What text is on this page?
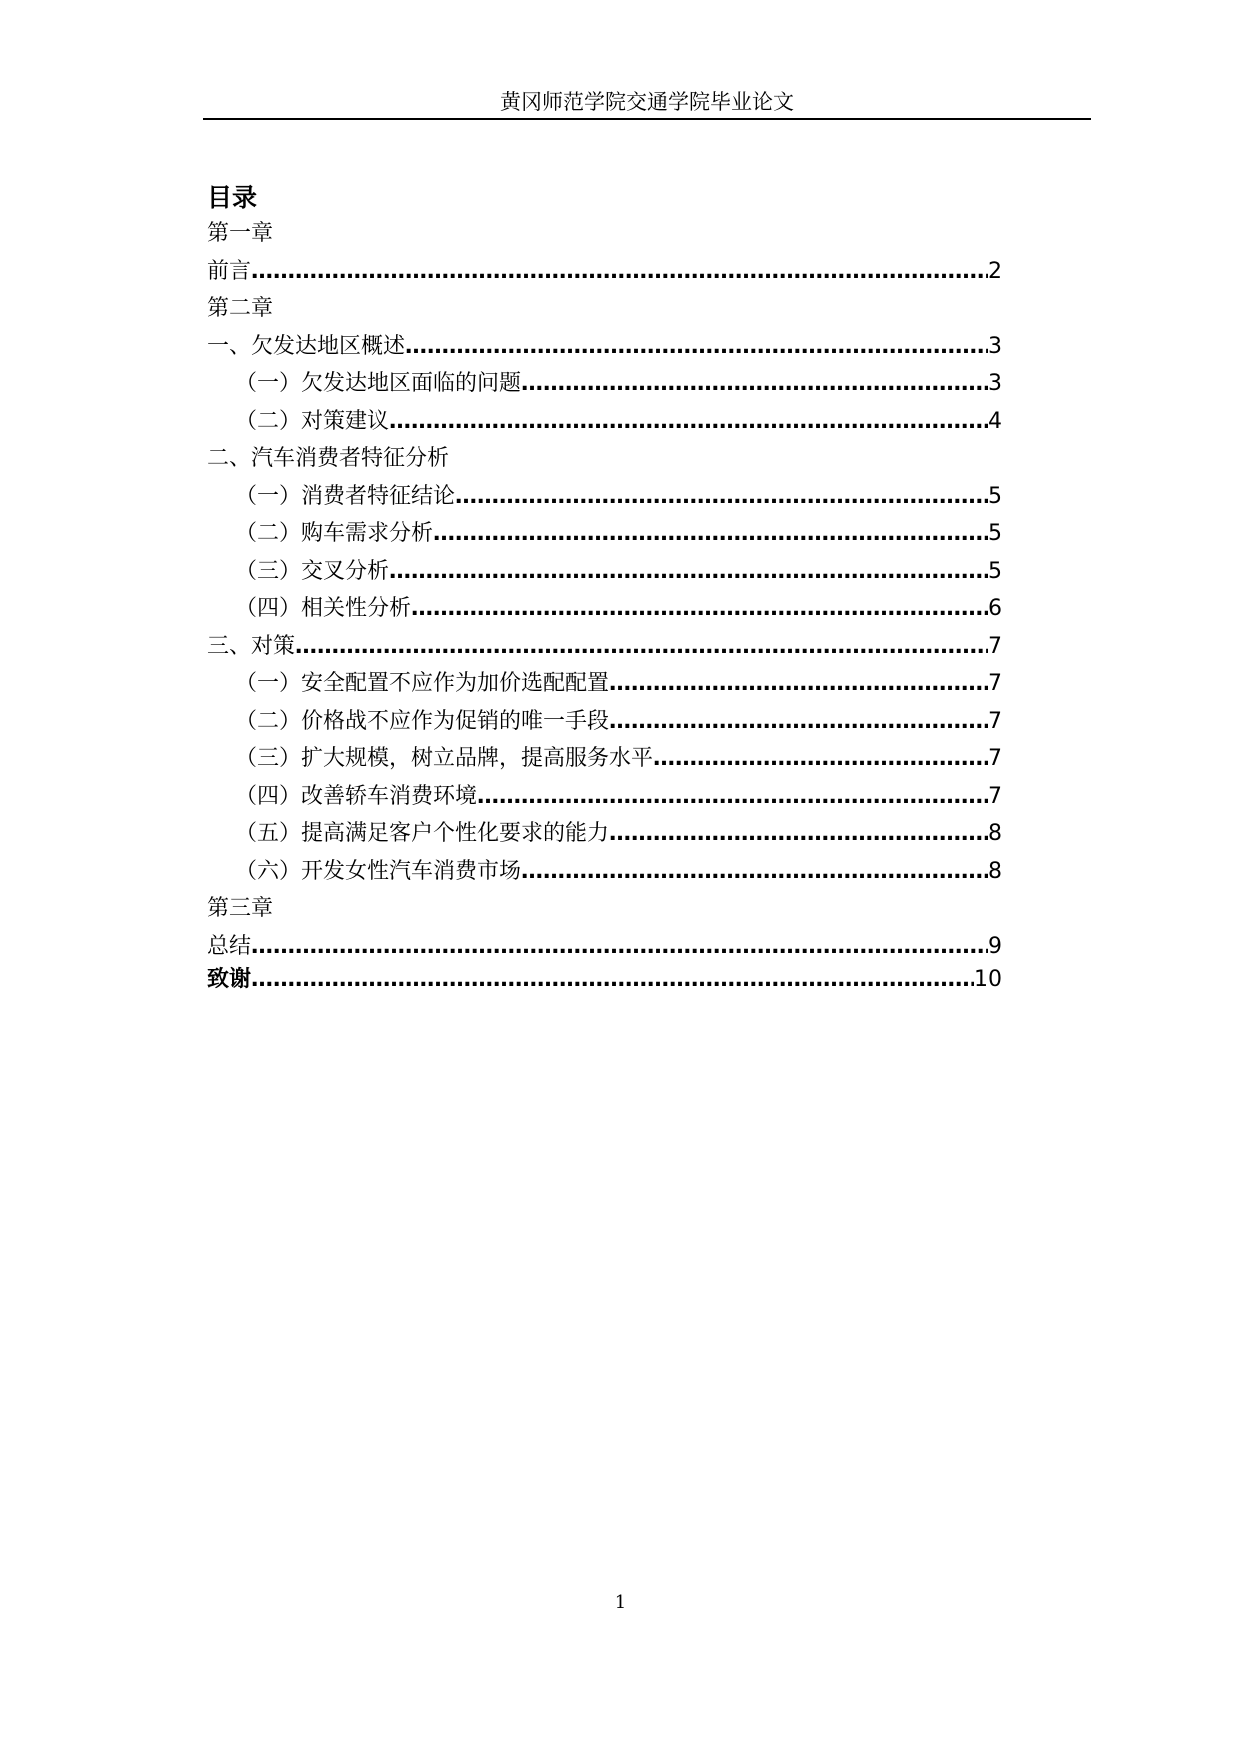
黄冈师范学院交通学院毕业论文
目录
第一章
前言 ………………………………………………………………………………………………………………………………………………………………………………………………………………………………………………	2
第二章
一、欠发达地区概述 ………………………………………………………………………………………………………………………………………………………………………………………………………………………………………………	3
（一）欠发达地区面临的问题 ………………………………………………………………………………………………………………………………………………………………………………………………………………………………………………	3
（二）对策建议 ………………………………………………………………………………………………………………………………………………………………………………………………………………………………………………	4
二、汽车消费者特征分析
（一）消费者特征结论 ………………………………………………………………………………………………………………………………………………………………………………………………………………………………………………	5
（二）购车需求分析 ………………………………………………………………………………………………………………………………………………………………………………………………………………………………………………	5
（三）交叉分析 ………………………………………………………………………………………………………………………………………………………………………………………………………………………………………………	5
（四）相关性分析 ………………………………………………………………………………………………………………………………………………………………………………………………………………………………………………	6
三、对策 ………………………………………………………………………………………………………………………………………………………………………………………………………………………………………………	7
（一）安全配置不应作为加价选配配置 ………………………………………………………………………………………………………………………………………………………………………………………………………………………………………………	7
（二）价格战不应作为促销的唯一手段 ………………………………………………………………………………………………………………………………………………………………………………………………………………………………………………	7
（三）扩大规模，树立品牌，提高服务水平 ………………………………………………………………………………………………………………………………………………………………………………………………………………………………………………	7
（四）改善轿车消费环境 ………………………………………………………………………………………………………………………………………………………………………………………………………………………………………………	7
（五）提高满足客户个性化要求的能力 ………………………………………………………………………………………………………………………………………………………………………………………………………………………………………………	8
（六）开发女性汽车消费市场 ………………………………………………………………………………………………………………………………………………………………………………………………………………………………………………	8
第三章
总结 ………………………………………………………………………………………………………………………………………………………………………………………………………………………………………………	9
致谢 ………………………………………………………………………………………………………………………………………………………………………………………………………………………………………………	10
1
